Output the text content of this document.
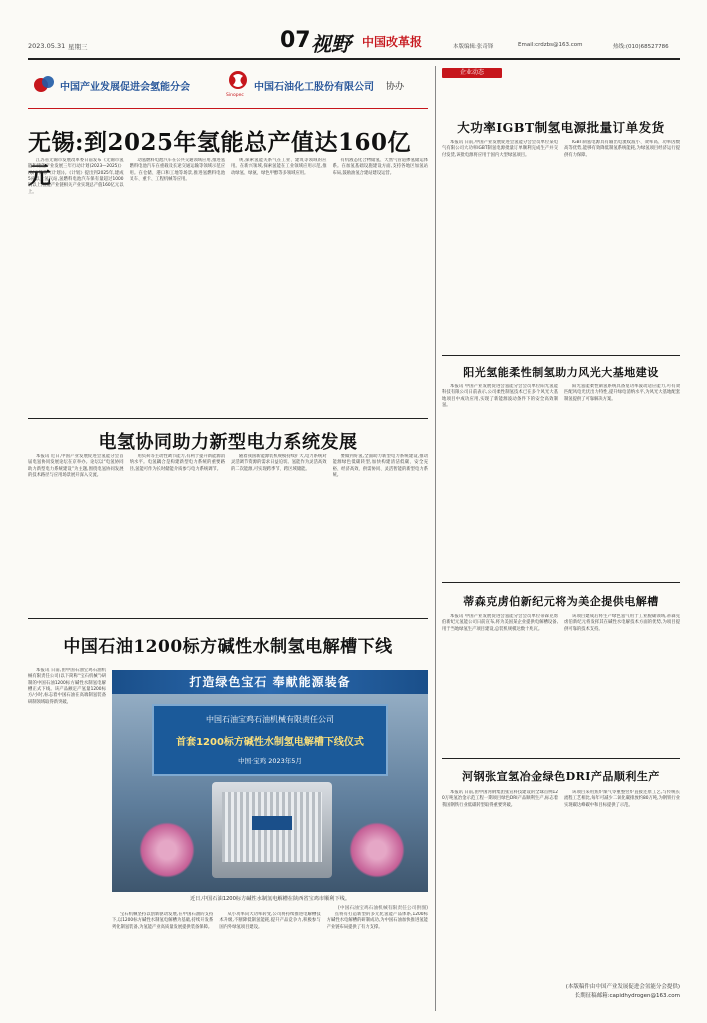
2023.05.31 星期三	07 视野 中国改革报	本版编辑:张奇锋	Email:crdzbs@163.com	热线:(010)68527786
中国产业发展促进会氢能分会
Sinopec
中国石油化工股份有限公司 协办
无锡:到2025年氢能总产值达160亿元

江苏省无锡市发展改革委日前发布《无锡市氢能和储能产业发展三年行动计划(2023—2025)》(以下简称《计划》)。《计划》提出到2025年,建成5座以上氢气站,氢燃料电池汽车保有量超过1000辆以上,氢能产业链相关产业实现总产值160亿元以上。

动氢燃料电池汽车在公共交通领域应用,推进氢燃料电池汽车在重载及长途交通运输等领域示范应用。在仓储、港口和工地等场景,推进氢燃料电池叉车、重卡、工程机械等应用。

规,探索氢能关系气在工业、建筑等领域的应用。在新兴领域,探索氢能在工业领域应用示范,推动绿氢、绿氨、绿色甲醇等多领域应用。

有机液态化合物储氢、天然气管道掺氢储运体系。在加氢基础设施建设方面,支持各地区加氢站布局,鼓励油氢合建站建设运营。

电氢协同助力新型电力系统发展

本报讯 近日,中国产业发展促进会氢能分会首届电氢协同发展论坛在京举办。论坛以“电氢协同 助力新型电力系统建设”为主题,围绕电氢协同发展的技术路径与应用场景展开深入交流。

用负荷等主动性调节能力,有利于提升新能源消纳水平。电氢耦合是构建新型电力系统的重要路径,氢能可作为长时储能介质参与电力系统调节。

随着我国新能源装机规模持续扩大,电力系统对灵活调节资源的需求日益迫切。氢能作为灵活高效的二次能源,可实现跨季节、跨区域储能。

要做到好氢,全面助力新型电力系统建设,推动能源绿色低碳转型,加快构建清洁低碳、安全充裕、经济高效、供需协同、灵活智能的新型电力系统。

中国石油1200标方碱性水制氢电解槽下线

本报讯 日前,由中国石油宝鸡石油机械有限责任公司(以下简称“宝石机械”)研制的中国石油1200标方碱性水制氢电解槽正式下线。该产品额定产氢量1200标方/小时,标志着中国石油在高端制氢装备研制领域取得新突破。

打造绿色宝石 奉献能源装备
中国石油宝鸡石油机械有限责任公司
首套1200标方碱性水制氢电解槽下线仪式
中国·宝鸡 2023年5月
近日,中国石油1200标方碱性水制氢电解槽在陕西省宝鸡市顺利下线。
(中国石油宝鸡石油机械有限责任公司供图)

宝石机械坚持以创新驱动发展,在中国石油的支持下,以1200标方碱性水制氢电解槽为基础,持续开发系列化制氢装备,为氢能产业高质量发展提供装备保障。

从小功率向大功率转变,公司将持续推进电解槽技术升级,不断降低制氢能耗,提升产品竞争力,积极参与国内外绿氢项目建设。

点将有打造新型的多元化氢能产品体系,1200标方碱性水电解槽的研制成功,为中国石油加快推进氢能产业链布局提供了有力支撑。

企业动态
大功率IGBT制氢电源批量订单发货

本报讯 日前,中国产业发展促进会氢能分会会员单位某电气有限公司大功率IGBT制氢电源批量订单顺利完成生产并交付发货,该批电源将应用于国内大型绿氢项目。

IGBT制氢电源具有输出电流纹波小、效率高、功率因数高等优势,能够有效降低制氢系统能耗,为绿氢项目经济运行提供有力保障。

阳光氢能柔性制氢助力风光大基地建设

本报讯 中国产业发展促进会氢能分会会员单位阳光氢能科技有限公司日前表示,公司柔性制氢技术已在多个风光大基地项目中成功应用,实现了新能源波动条件下的安全高效制氢。

阳光氢能柔性制氢系统具备宽功率波动适应能力,可有效匹配风电光伏出力特性,提升绿电消纳水平,为风光大基地配套制氢提供了可靠解决方案。

蒂森克虏伯新纪元将为美企提供电解槽

本报讯 中国产业发展促进会氢能分会会员单位蒂森克虏伯新纪元氢能公司日前宣布,将为美国某企业提供电解槽设备,用于当地绿氢生产项目建设,总装机规模达数十兆瓦。

该项目建成后将生产绿色氢气用于工业脱碳领域,蒂森克虏伯新纪元将发挥其在碱性水电解技术方面的优势,为项目提供可靠的技术支持。

河钢张宣氢冶金绿色DRI产品顺利生产

本报讯 日前,由中国河钢集团张宣科技建设的全球首例120万吨氢冶金示范工程一期项目绿色DRI产品顺利生产,标志着我国钢铁行业低碳转型取得重要突破。

该项目采用焦炉煤气零重整竖炉直接还原工艺,与传统长流程工艺相比,每年可减少二氧化碳排放约80万吨,为钢铁行业实现碳达峰碳中和目标提供了示范。

(本版稿件由中国产业发展促进会氢能分会提供)
长期征稿邮箱:capidhydrogen@163.com
